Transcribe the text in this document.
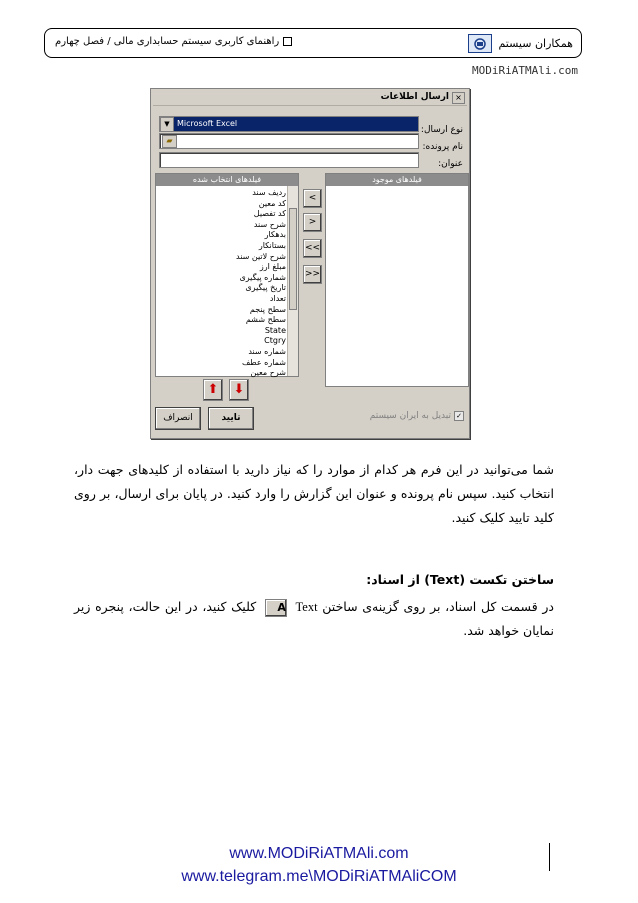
همکاران سیستم
راهنمای کاربری سیستم حسابداری مالی / فصل چهارم
MODiRiATMAli.com
×
ارسال اطلاعات
نوع ارسال:
▼ Microsoft Excel
نام پرونده:
▰
عنوان:
فیلدهای موجود
<
>
<<
>>
فیلدهای انتخاب شده
ردیف سند
کد معین
کد تفصیل
شرح سند
بدهکار
بستانکار
شرح لاتین سند
مبلغ ارز
شماره پیگیری
تاریخ پیگیری
تعداد
سطح پنجم
سطح ششم
State
Ctgry
شماره سند
شماره عطف
شرح معین
⬆	⬇
انصراف	تایید	تبدیل به ایران سیستم ✓
شما می‌توانید در این فرم هر کدام از موارد را که نیاز دارید با استفاده از کلیدهای جهت دار،
انتخاب کنید. سپس نام پرونده و عنوان این گزارش را وارد کنید. در پایان برای ارسال، بر روی
کلید تایید کلیک کنید.
ساختن تکست (Text) از اسناد:
در قسمت کل اسناد، بر روی گزینه‌ی ساختن Text A کلیک کنید، در این حالت، پنجره زیر
نمایان خواهد شد.
www.MODiRiATMAli.com
www.telegram.me\MODiRiATMAliCOM
